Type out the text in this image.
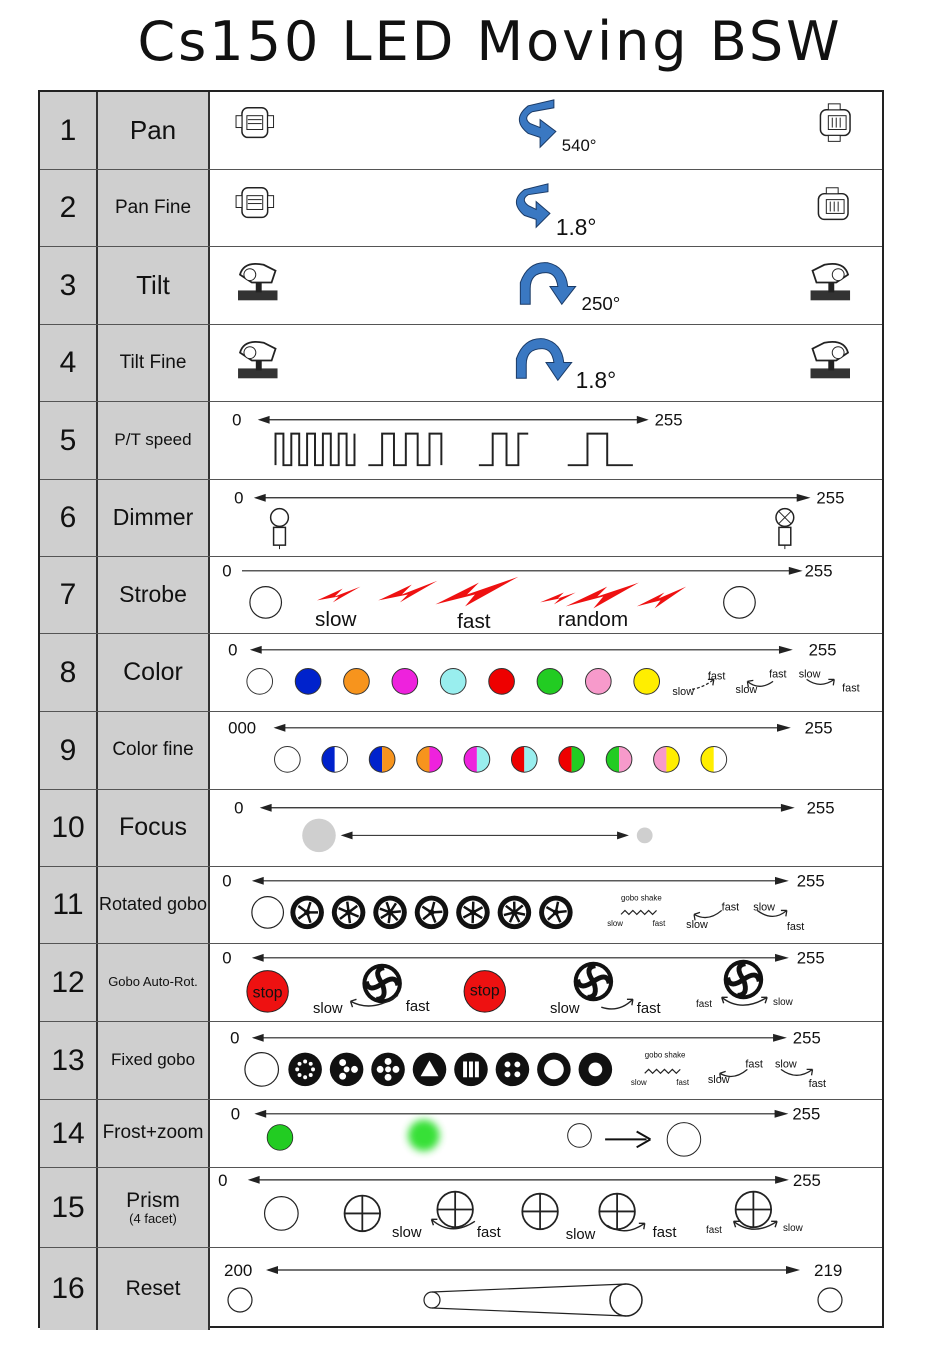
Cs150 LED Moving BSW
1	Pan
540°
2	Pan Fine
1.8°
3	Tilt
250°
4	Tilt Fine
1.8°
5	P/T speed
0	255
6	Dimmer
0	255
7	Strobe
0	255
slow	fast	random
8	Color
0	255
slow
fast
slow
fast slow
fast
9	Color fine
000	255
10	Focus
0	255
11 Rotated gobo
0	255
gobo shake
slow	fast slow
fast slow
fast
12	Gobo Auto-Rot.
0	255
stop	stop
slow	fast	slow	fast	fast	slow
13	Fixed gobo
0	255
gobo shake
slow	fast slow
fast slow
fast
14 Frost+zoom
0	255
15	Prism
(4 facet)
0	255
slow	fast	slow	fast	fast	slow
16	Reset
200	219
